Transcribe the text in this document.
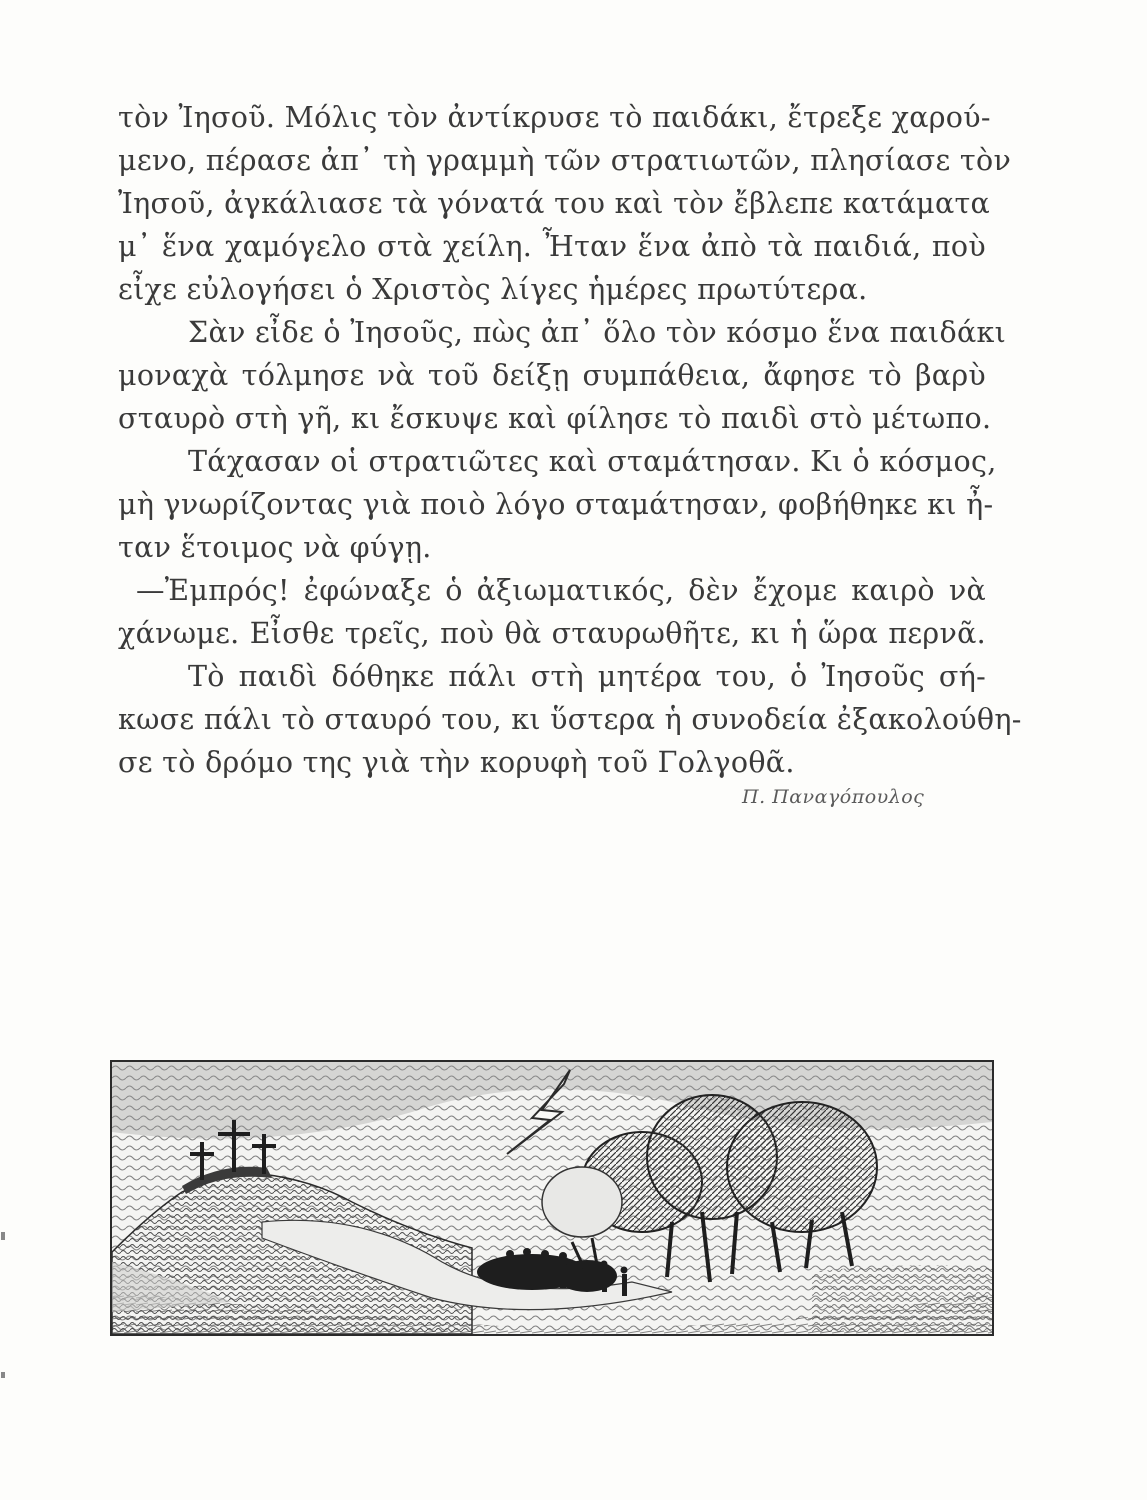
τὸν Ἰησοῦ. Μόλις τὸν ἀντίκρυσε τὸ παιδάκι, ἔτρεξε χαρού-
μενο, πέρασε ἀπ᾿ τὴ γραμμὴ τῶν στρατιωτῶν, πλησίασε τὸν
Ἰησοῦ, ἀγκάλιασε τὰ γόνατά του καὶ τὸν ἔβλεπε κατάματα
μ᾿ ἕνα χαμόγελο στὰ χείλη. Ἦταν ἕνα ἀπὸ τὰ παιδιά, ποὺ
εἶχε εὐλογήσει ὁ Χριστὸς λίγες ἡμέρες πρωτύτερα.
Σὰν εἶδε ὁ Ἰησοῦς, πὼς ἀπ᾿ ὅλο τὸν κόσμο ἕνα παιδάκι
μοναχὰ τόλμησε νὰ τοῦ δείξῃ συμπάθεια, ἄφησε τὸ βαρὺ
σταυρὸ στὴ γῆ, κι ἔσκυψε καὶ φίλησε τὸ παιδὶ στὸ μέτωπο.
Τάχασαν οἱ στρατιῶτες καὶ σταμάτησαν. Κι ὁ κόσμος,
μὴ γνωρίζοντας γιὰ ποιὸ λόγο σταμάτησαν, φοβήθηκε κι ἦ-
ταν ἕτοιμος νὰ φύγῃ.
—Ἐμπρός! ἐφώναξε ὁ ἀξιωματικός, δὲν ἔχομε καιρὸ νὰ
χάνωμε. Εἶσθε τρεῖς, ποὺ θὰ σταυρωθῆτε, κι ἡ ὥρα περνᾶ.
Τὸ παιδὶ δόθηκε πάλι στὴ μητέρα του, ὁ Ἰησοῦς σή-
κωσε πάλι τὸ σταυρό του, κι ὕστερα ἡ συνοδεία ἐξακολούθη-
σε τὸ δρόμο της γιὰ τὴν κορυφὴ τοῦ Γολγοθᾶ.
Π. Παναγόπουλος
